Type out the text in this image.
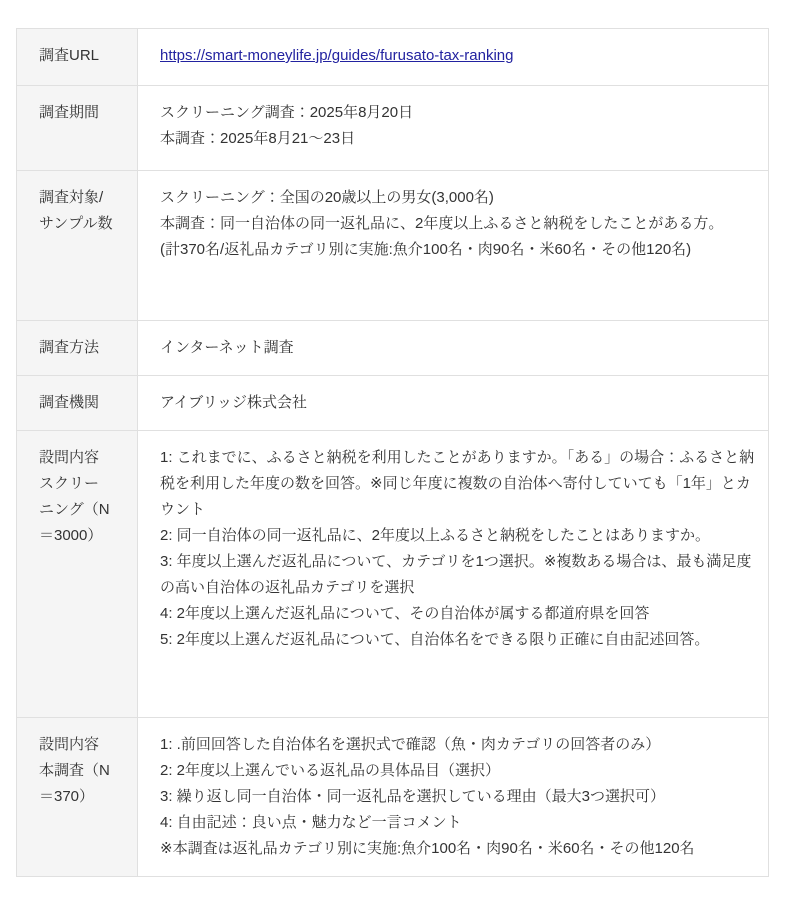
調査URL	https://smart-moneylife.jp/guides/furusato-tax-ranking

調査期間	スクリーニング調査：2025年8月20日
本調査：2025年8月21〜23日

調査対象/サンプル数	スクリーニング：全国の20歳以上の男女(3,000名)
本調査：同一自治体の同一返礼品に、2年度以上ふるさと納税をしたことがある方。
(計370名/返礼品カテゴリ別に実施:魚介100名・肉90名・米60名・その他120名)

調査方法	インターネット調査

調査機関	アイブリッジ株式会社

設問内容スクリーニング（N＝3000）	1: これまでに、ふるさと納税を利用したことがありますか。「ある」の場合：ふるさと納税を利用した年度の数を回答。※同じ年度に複数の自治体へ寄付していても「1年」とカウント
2: 同一自治体の同一返礼品に、2年度以上ふるさと納税をしたことはありますか。
3: 年度以上選んだ返礼品について、カテゴリを1つ選択。※複数ある場合は、最も満足度の高い自治体の返礼品カテゴリを選択
4: 2年度以上選んだ返礼品について、その自治体が属する都道府県を回答
5: 2年度以上選んだ返礼品について、自治体名をできる限り正確に自由記述回答。

設問内容本調査（N＝370）	1: .前回回答した自治体名を選択式で確認（魚・肉カテゴリの回答者のみ）
2: 2年度以上選んでいる返礼品の具体品目（選択）
3: 繰り返し同一自治体・同一返礼品を選択している理由（最大3つ選択可）
4: 自由記述：良い点・魅力など一言コメント
※本調査は返礼品カテゴリ別に実施:魚介100名・肉90名・米60名・その他120名
